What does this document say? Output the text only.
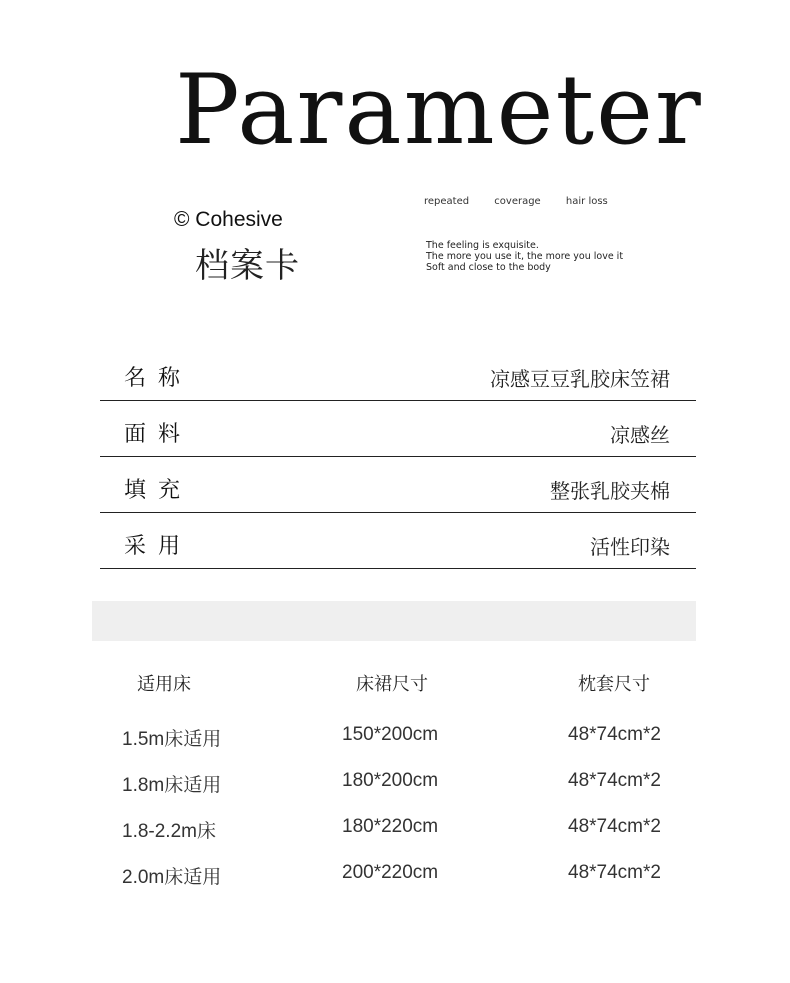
Parameter
© Cohesive
档案卡
repeated	coverage	hair loss
The feeling is exquisite.
The more you use it, the more you love it
Soft and close to the body
名称	凉感豆豆乳胶床笠裙
面料	凉感丝
填充	整张乳胶夹棉
采用	活性印染
适用床	床裙尺寸	枕套尺寸
1.5m床适用	150*200cm	48*74cm*2
1.8m床适用	180*200cm	48*74cm*2
1.8-2.2m床	180*220cm	48*74cm*2
2.0m床适用	200*220cm	48*74cm*2
